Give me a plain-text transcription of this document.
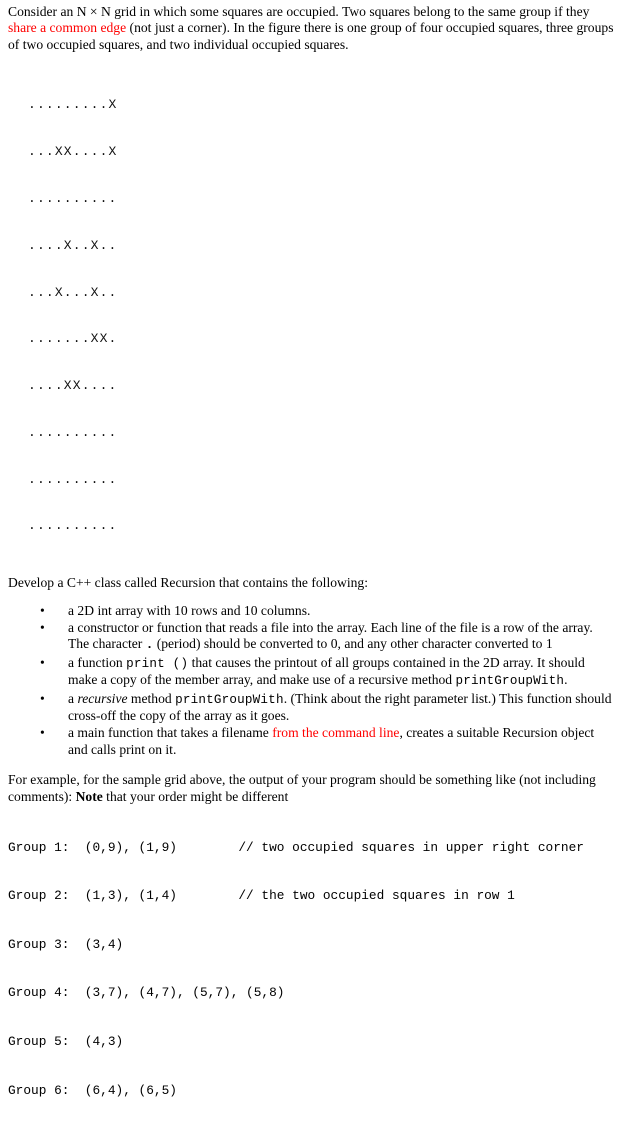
Consider an N × N grid in which some squares are occupied. Two squares belong to the same group if they share a common edge (not just a corner). In the figure there is one group of four occupied squares, three groups of two occupied squares, and two individual occupied squares.

.........X

...XX....X

..........

....X..X..

...X...X..

.......XX.

....XX....

..........

..........

..........

Develop a C++ class called Recursion that contains the following:

• a 2D int array with 10 rows and 10 columns.
• a constructor or function that reads a file into the array. Each line of the file is a row of the array. The character . (period) should be converted to 0, and any other character converted to 1
• a function print () that causes the printout of all groups contained in the 2D array. It should make a copy of the member array, and make use of a recursive method printGroupWith.
• a recursive method printGroupWith. (Think about the right parameter list.) This function should cross-off the copy of the array as it goes.
• a main function that takes a filename from the command line, creates a suitable Recursion object and calls print on it.

For example, for the sample grid above, the output of your program should be something like (not including comments): Note that your order might be different

Group 1:  (0,9), (1,9)        // two occupied squares in upper right corner

Group 2:  (1,3), (1,4)        // the two occupied squares in row 1

Group 3:  (3,4)

Group 4:  (3,7), (4,7), (5,7), (5,8)

Group 5:  (4,3)

Group 6:  (6,4), (6,5)
